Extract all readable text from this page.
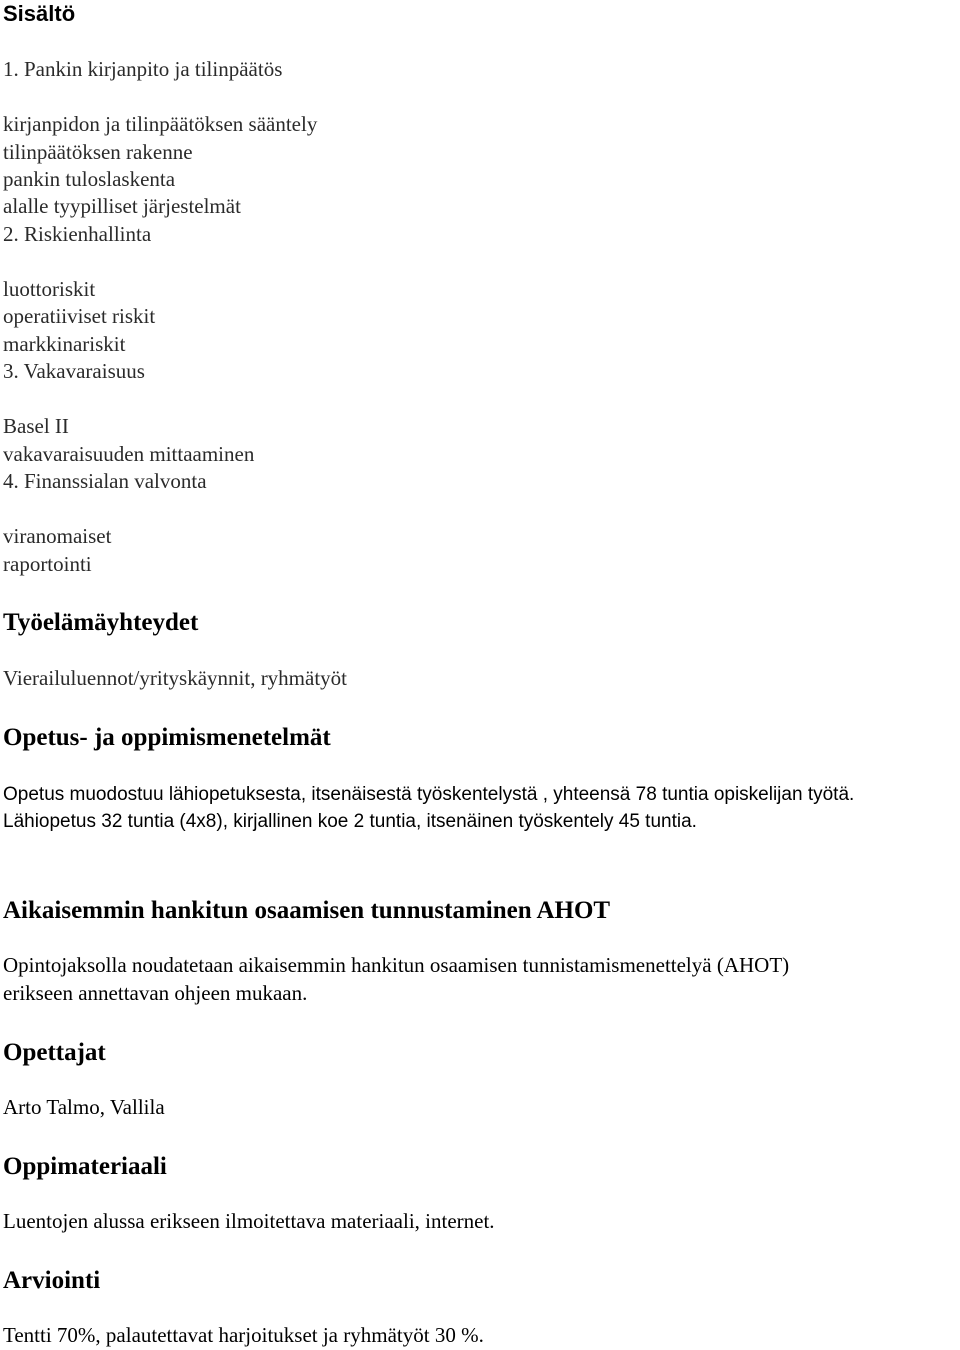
Sisältö
1. Pankin kirjanpito ja tilinpäätös
kirjanpidon ja tilinpäätöksen sääntely
tilinpäätöksen rakenne
pankin tuloslaskenta
alalle tyypilliset järjestelmät
2. Riskienhallinta
luottoriskit
operatiiviset riskit
markkinariskit
3. Vakavaraisuus
Basel II
vakavaraisuuden mittaaminen
4. Finanssialan valvonta
viranomaiset
raportointi
Työelämäyhteydet
Vierailuluennot/yrityskäynnit, ryhmätyöt
Opetus- ja oppimismenetelmät
Opetus muodostuu lähiopetuksesta, itsenäisestä työskentelystä , yhteensä 78 tuntia opiskelijan työtä.
Lähiopetus 32 tuntia (4x8), kirjallinen koe 2 tuntia, itsenäinen työskentely 45 tuntia.
Aikaisemmin hankitun osaamisen tunnustaminen AHOT
Opintojaksolla noudatetaan aikaisemmin hankitun osaamisen tunnistamismenettelyä (AHOT)
erikseen annettavan ohjeen mukaan.
Opettajat
Arto Talmo, Vallila
Oppimateriaali
Luentojen alussa erikseen ilmoitettava materiaali, internet.
Arviointi
Tentti 70%, palautettavat harjoitukset ja ryhmätyöt 30 %.
